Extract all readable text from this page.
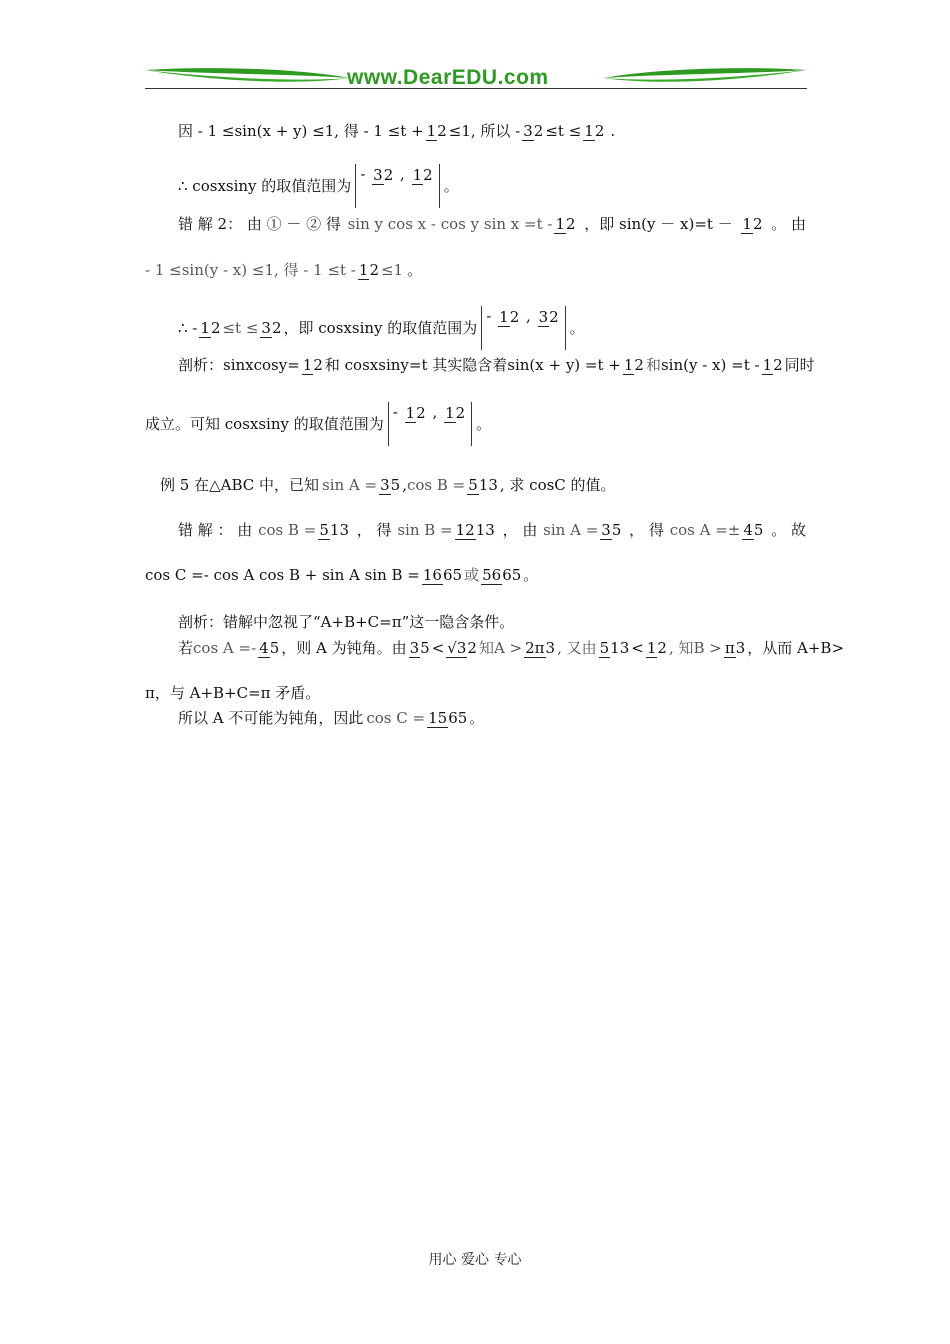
www.DearEDU.com
因 - 1 ≤sin(x + y) ≤1, 得 - 1 ≤t + 12 ≤1, 所以 - 32 ≤t ≤ 12 .
∴ cosxsiny 的取值范围为
- 32 , 12
。
错 解 2： 由 ① － ② 得 sin y cos x - cos y sin x =t - 12 ，即 sin(y － x)=t － 12 。 由
- 1 ≤sin(y - x) ≤1, 得 - 1 ≤t - 12 ≤1 。
∴ - 12 ≤t ≤ 32 ，即 cosxsiny 的取值范围为
- 12 , 32
。
剖析：sinxcosy= 12 和 cosxsiny=t 其实隐含着 sin(x + y) =t + 12 和 sin(y - x) =t - 12 同时
成立。可知 cosxsiny 的取值范围为
- 12 , 12
。
例 5 在△ABC 中，已知 sin A = 35 , cos B = 513 , 求 cosC 的值。
错 解 ： 由 cos B = 513 ， 得 sin B = 1213 ， 由 sin A = 35 ， 得 cos A =± 45 。 故
cos C =- cos A cos B + sin A sin B = 1665 或 5665 。
剖析：错解中忽视了“A+B+C=π”这一隐含条件。
若 cos A =- 45 ，则 A 为钝角。由 35 < √32 知A > 2π3 , 又由 513 < 12 , 知B > π3 ，从而 A+B>
π，与 A+B+C=π 矛盾。
所以 A 不可能为钝角，因此 cos C = 1565 。
用心 爱心 专心
